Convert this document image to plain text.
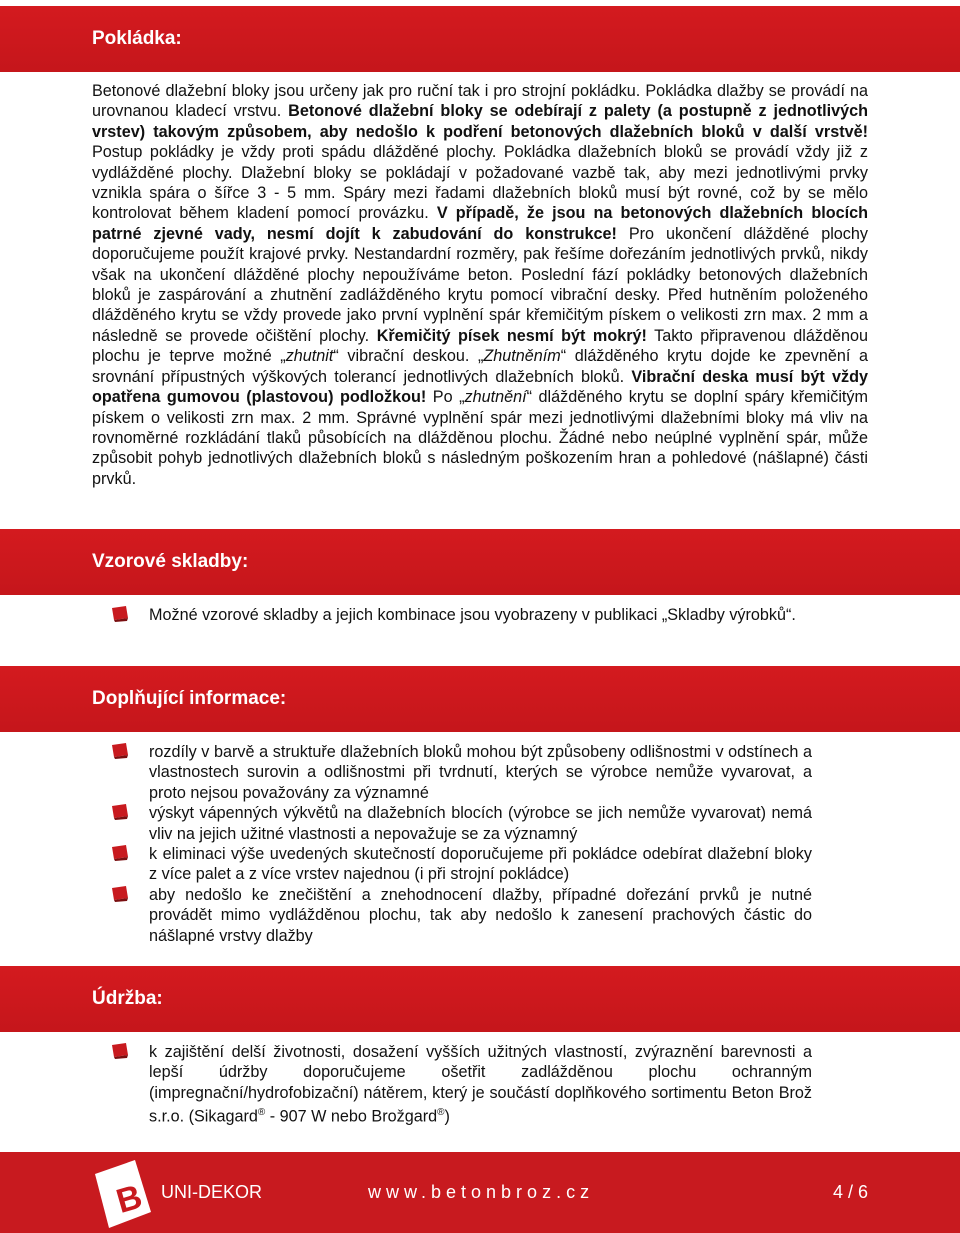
Pokládka:

Betonové dlažební bloky jsou určeny jak pro ruční tak i pro strojní pokládku. Pokládka dlažby se provádí na urovnanou kladecí vrstvu. Betonové dlažební bloky se odebírají z palety (a postupně z jednotlivých vrstev) takovým způsobem, aby nedošlo k podření betonových dlažebních bloků v další vrstvě! Postup pokládky je vždy proti spádu dlážděné plochy. Pokládka dlažebních bloků se provádí vždy již z vydlážděné plochy. Dlažební bloky se pokládají v požadované vazbě tak, aby mezi jednotlivými prvky vznikla spára o šířce 3 - 5 mm. Spáry mezi řadami dlažebních bloků musí být rovné, což by se mělo kontrolovat během kladení pomocí provázku. V případě, že jsou na betonových dlažebních blocích patrné zjevné vady, nesmí dojít k zabudování do konstrukce! Pro ukončení dlážděné plochy doporučujeme použít krajové prvky. Nestandardní rozměry, pak řešíme dořezáním jednotlivých prvků, nikdy však na ukončení dlážděné plochy nepoužíváme beton. Poslední fází pokládky betonových dlažebních bloků je zaspárování a zhutnění zadlážděného krytu pomocí vibrační desky. Před hutněním položeného dlážděného krytu se vždy provede jako první vyplnění spár křemičitým pískem o velikosti zrn max. 2 mm a následně se provede očištění plochy. Křemičitý písek nesmí být mokrý! Takto připravenou dlážděnou plochu je teprve možné „zhutnit“ vibrační deskou. „Zhutněním“ dlážděného krytu dojde ke zpevnění a srovnání přípustných výškových tolerancí jednotlivých dlažebních bloků. Vibrační deska musí být vždy opatřena gumovou (plastovou) podložkou! Po „zhutnění“ dlážděného krytu se doplní spáry křemičitým pískem o velikosti zrn max. 2 mm. Správné vyplnění spár mezi jednotlivými dlažebními bloky má vliv na rovnoměrné rozkládání tlaků působících na dlážděnou plochu. Žádné nebo neúplné vyplnění spár, může způsobit pohyb jednotlivých dlažebních bloků s následným poškozením hran a pohledové (nášlapné) části prvků.

Vzorové skladby:
Možné vzorové skladby a jejich kombinace jsou vyobrazeny v publikaci „Skladby výrobků“.
Doplňující informace:
rozdíly v barvě a struktuře dlažebních bloků mohou být způsobeny odlišnostmi v odstínech a vlastnostech surovin a odlišnostmi při tvrdnutí, kterých se výrobce nemůže vyvarovat, a proto nejsou považovány za významné
výskyt vápenných výkvětů na dlažebních blocích (výrobce se jich nemůže vyvarovat) nemá vliv na jejich užitné vlastnosti a nepovažuje se za významný
k eliminaci výše uvedených skutečností doporučujeme při pokládce odebírat dlažební bloky z více palet a z více vrstev najednou (i při strojní pokládce)
aby nedošlo ke znečištění a znehodnocení dlažby, případné dořezání prvků je nutné provádět mimo vydlážděnou plochu, tak aby nedošlo k zanesení prachových částic do nášlapné vrstvy dlažby
Údržba:
k zajištění delší životnosti, dosažení vyšších užitných vlastností, zvýraznění barevnosti a lepší údržby doporučujeme ošetřit zadlážděnou plochu ochranným (impregnační/hydrofobizační) nátěrem, který je součástí doplňkového sortimentu Beton Brož s.r.o. (Sikagard® - 907 W nebo Brožgard®)
B UNI-DEKOR	www.betonbroz.cz	4 / 6
